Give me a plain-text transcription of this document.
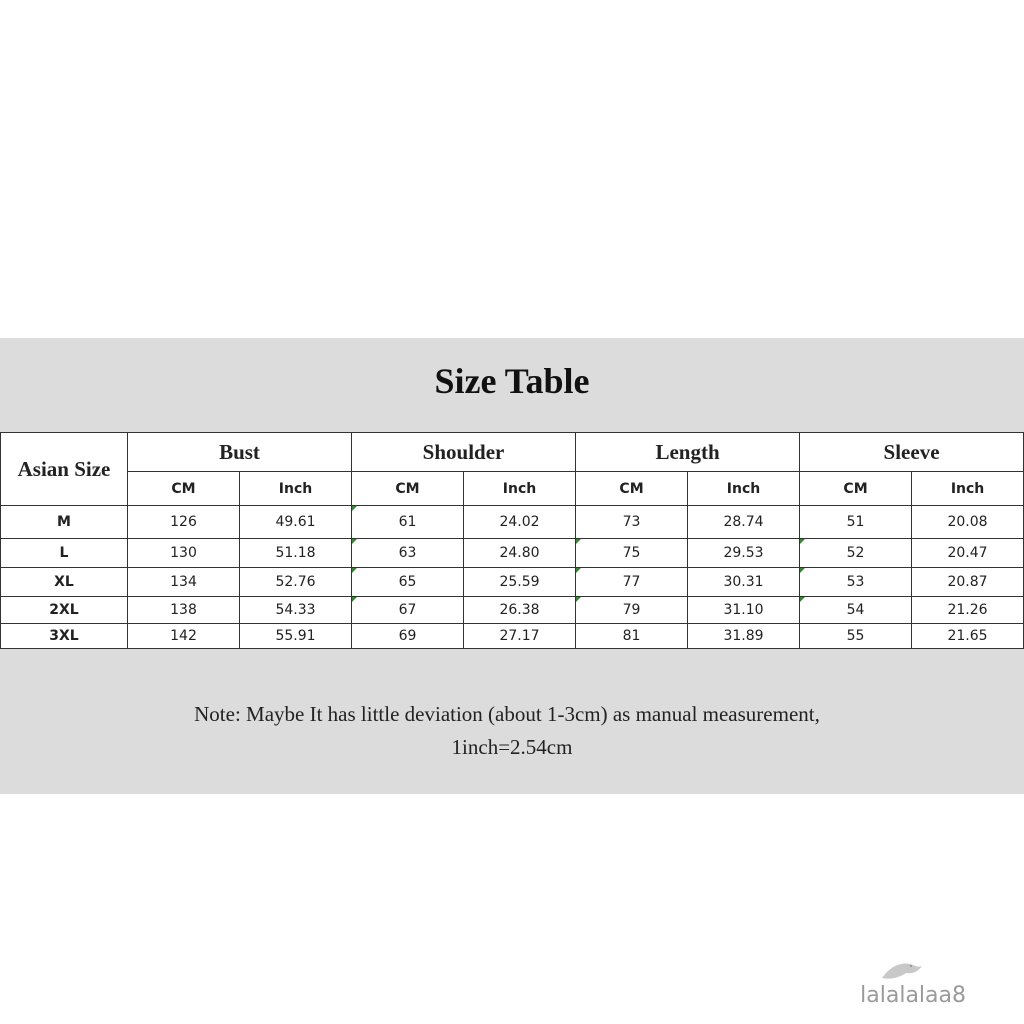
Size Table
Asian Size	Bust		Shoulder		Length		Sleeve	
	CM	Inch	CM	Inch	CM	Inch	CM	Inch
M	126	49.61	61	24.02	73	28.74	51	20.08
L	130	51.18	63	24.80	75	29.53	52	20.47
XL	134	52.76	65	25.59	77	30.31	53	20.87
2XL	138	54.33	67	26.38	79	31.10	54	21.26
3XL	142	55.91	69	27.17	81	31.89	55	21.65
Note: Maybe It has little deviation (about 1-3cm) as manual measurement,
1inch=2.54cm
lalalalaa8
